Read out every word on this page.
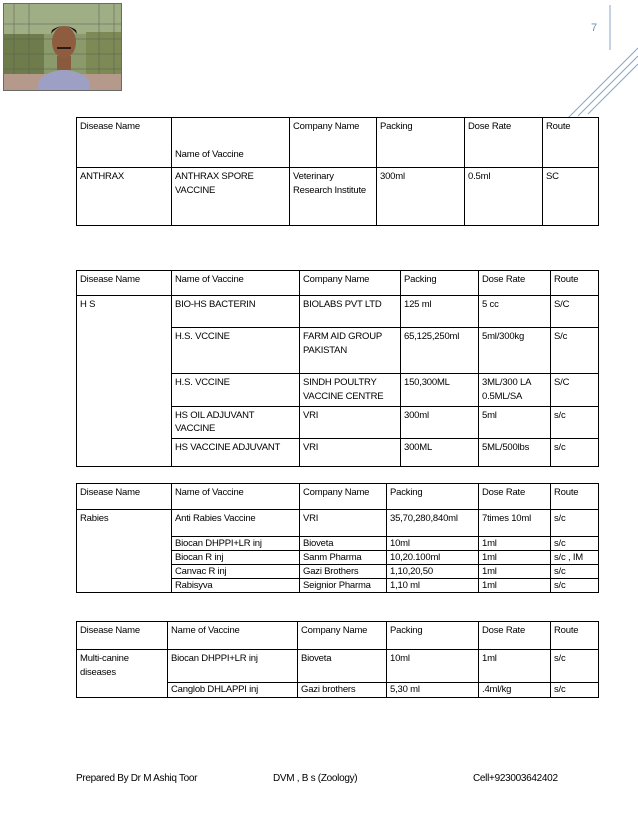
7
Disease Name	Name of Vaccine	Company Name	Packing	Dose Rate	Route
ANTHRAX	ANTHRAX SPORE VACCINE	Veterinary Research Institute	300ml	0.5ml	SC
Disease Name	Name of Vaccine	Company Name	Packing	Dose Rate	Route
H S	BIO-HS BACTERIN	BIOLABS PVT LTD	125 ml	5 cc	S/C
	H.S. VCCINE	FARM AID GROUP PAKISTAN	65,125,250ml	5ml/300kg	S/c
	H.S. VCCINE	SINDH POULTRY VACCINE CENTRE	150,300ML	3ML/300 LA 0.5ML/SA	S/C
	HS OIL ADJUVANT VACCINE	VRI	300ml	5ml	s/c
	HS VACCINE ADJUVANT	VRI	300ML	5ML/500lbs	s/c
Disease Name	Name of Vaccine	Company Name	Packing	Dose Rate	Route
Rabies	Anti Rabies Vaccine	VRI	35,70,280,840ml	7times 10ml	s/c
	Biocan DHPPI+LR inj	Bioveta	10ml	1ml	s/c
	Biocan R inj	Sanm Pharma	10,20.100ml	1ml	s/c , IM
	Canvac R inj	Gazi Brothers	1,10,20,50	1ml	s/c
	Rabisyva	Seignior Pharma	1,10 ml	1ml	s/c
Disease Name	Name of Vaccine	Company Name	Packing	Dose Rate	Route
Multi-canine diseases	Biocan DHPPI+LR inj	Bioveta	10ml	1ml	s/c
	Canglob DHLAPPI inj	Gazi brothers	5,30 ml	.4ml/kg	s/c
Prepared By Dr M Ashiq Toor	DVM , B s (Zoology)	Cell+923003642402
